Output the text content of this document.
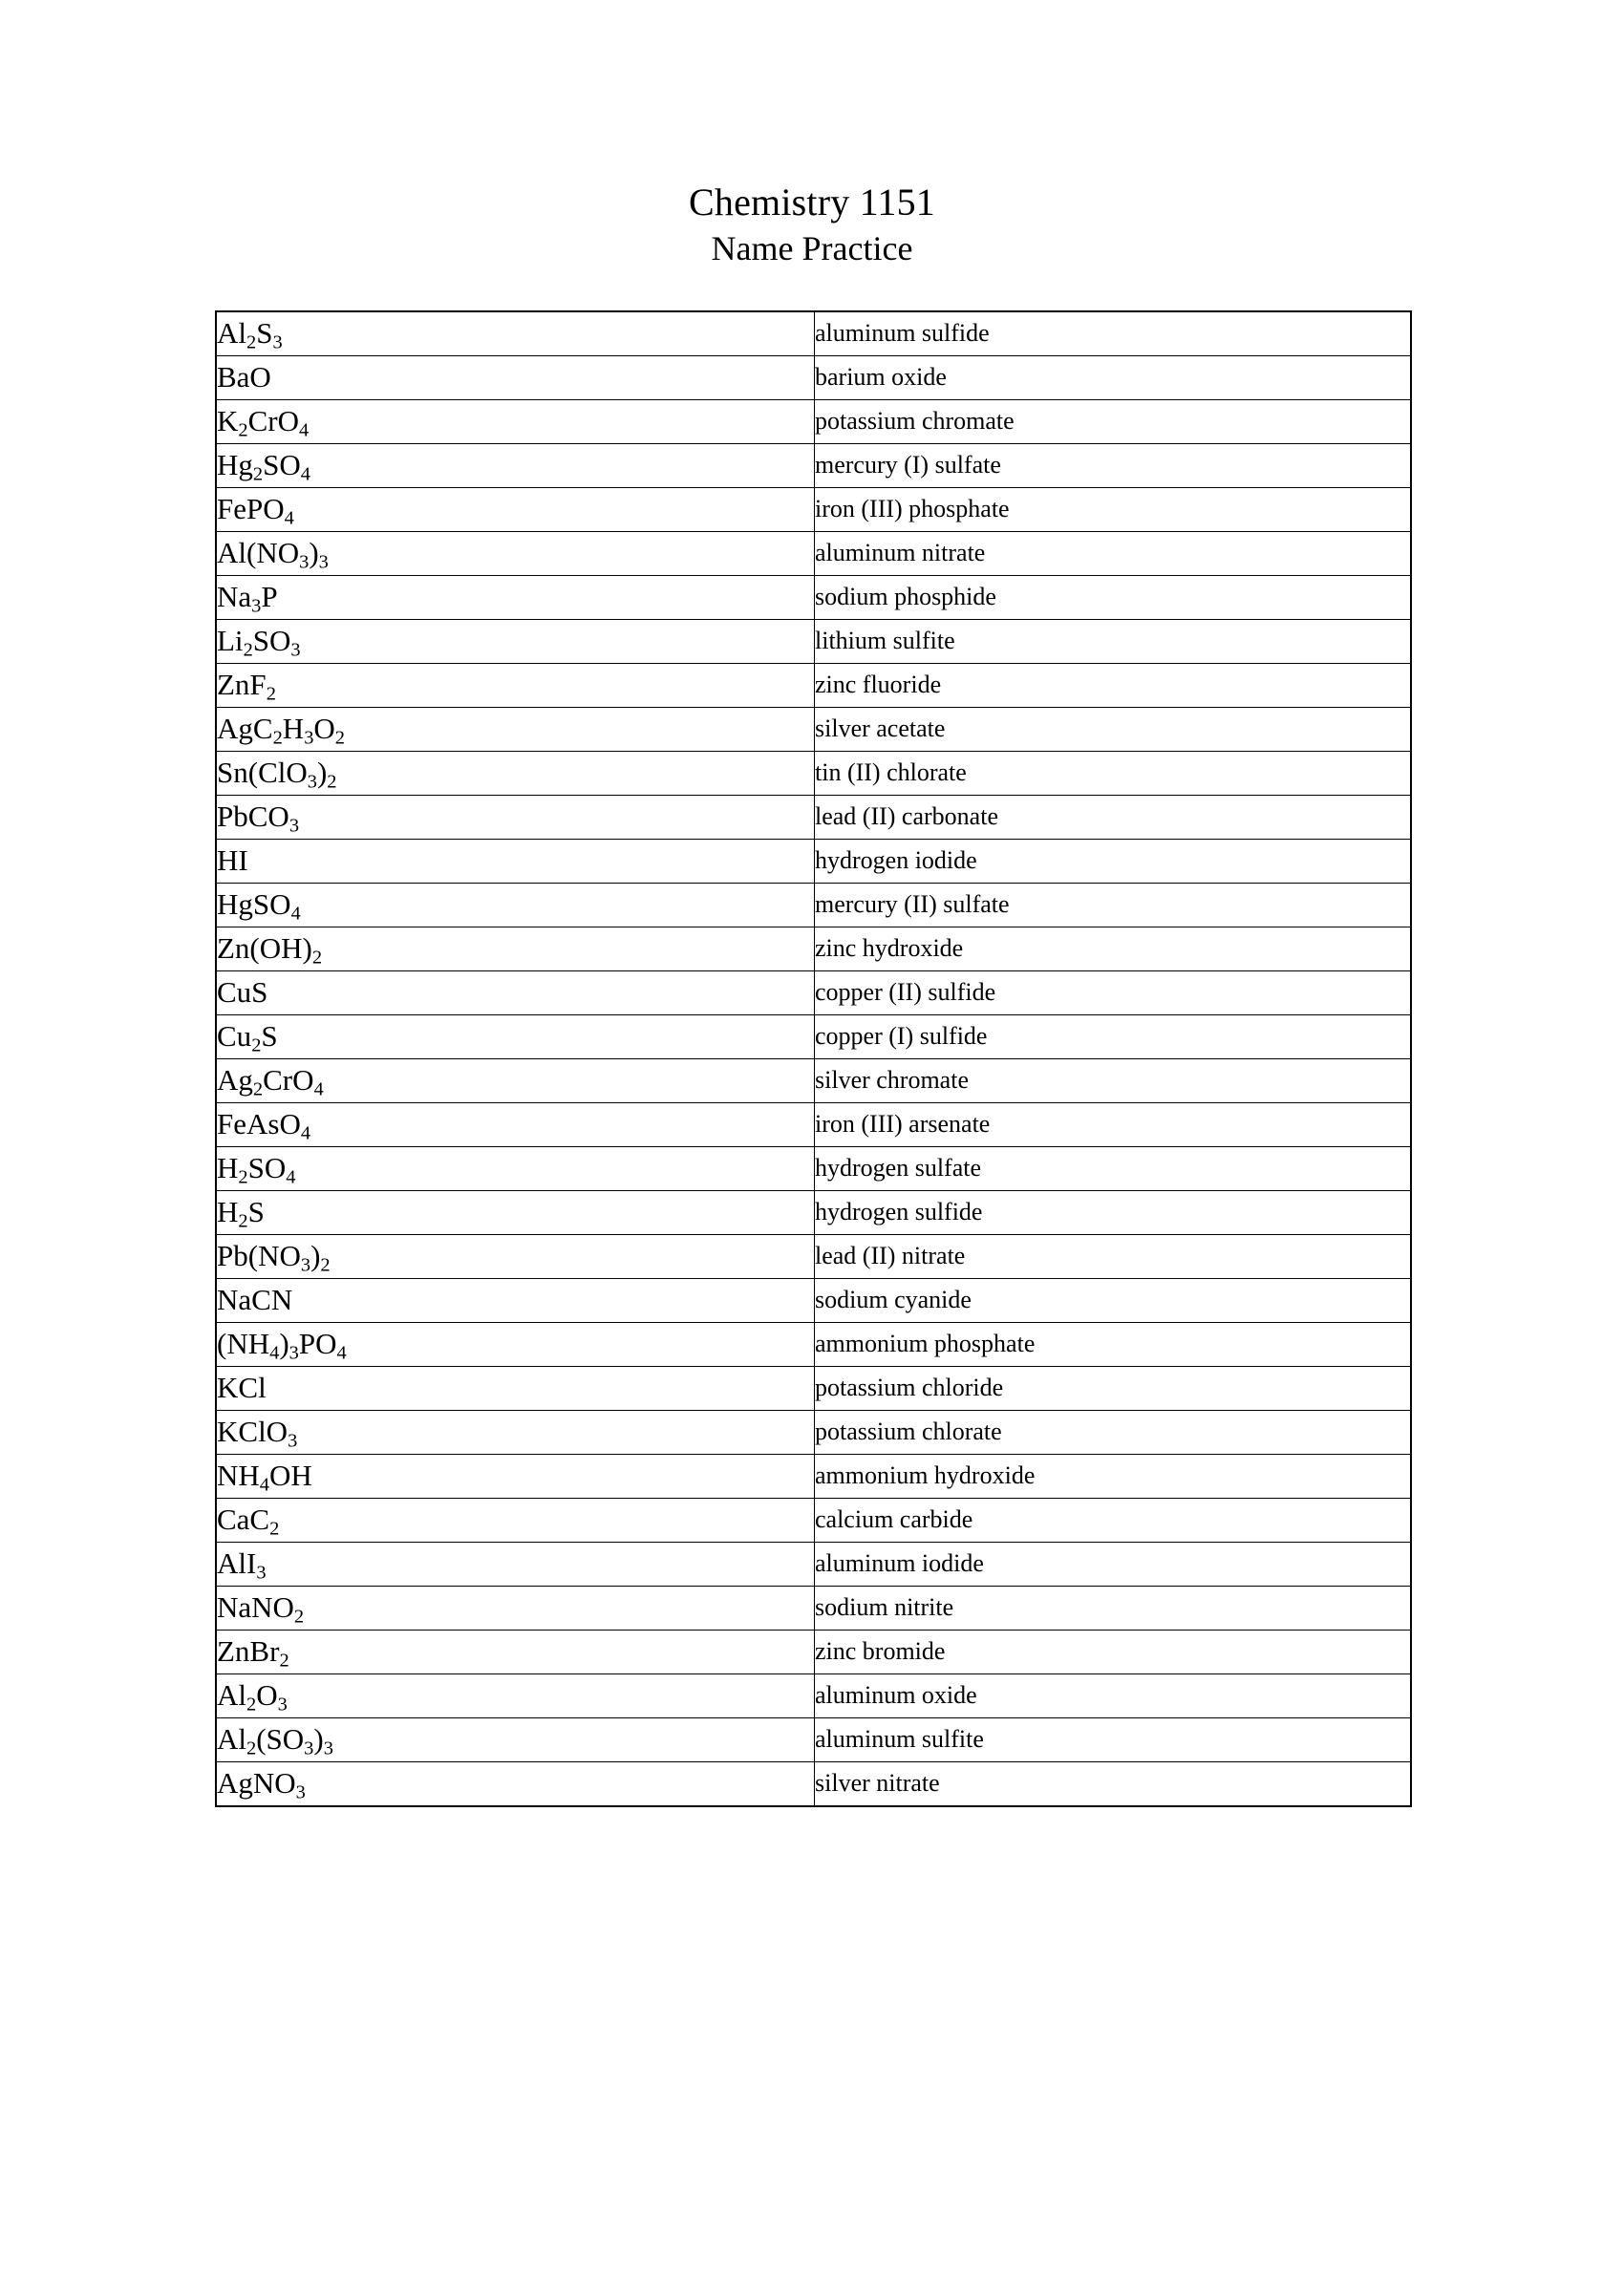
Chemistry 1151
Name Practice
$Al_2S_3$	aluminum sulfide
BaO	barium oxide
$K_2CrO_4$	potassium chromate
$Hg_2SO_4$	mercury (I) sulfate
FePO$_4$	iron (III) phosphate
$Al(NO_3)_3$	aluminum nitrate
$Na_3P$	sodium phosphide
$Li_2SO_3$	lithium sulfite
ZnF$_2$	zinc fluoride
$AgC_2H_3O_2$	silver acetate
$Sn(ClO_3)_2$	tin (II) chlorate
PbCO$_3$	lead (II) carbonate
HI	hydrogen iodide
HgSO$_4$	mercury (II) sulfate
$Zn(OH)_2$	zinc hydroxide
CuS	copper (II) sulfide
$Cu_2S$	copper (I) sulfide
$Ag_2CrO_4$	silver chromate
FeAsO$_4$	iron (III) arsenate
$H_2SO_4$	hydrogen sulfate
$H_2S$	hydrogen sulfide
$Pb(NO_3)_2$	lead (II) nitrate
NaCN	sodium cyanide
$(NH_4)_3PO_4$	ammonium phosphate
KCl	potassium chloride
KClO$_3$	potassium chlorate
$NH_4OH$	ammonium hydroxide
CaC$_2$	calcium carbide
AlI$_3$	aluminum iodide
NaNO$_2$	sodium nitrite
ZnBr$_2$	zinc bromide
$Al_2O_3$	aluminum oxide
$Al_2(SO_3)_3$	aluminum sulfite
AgNO$_3$	silver nitrate
